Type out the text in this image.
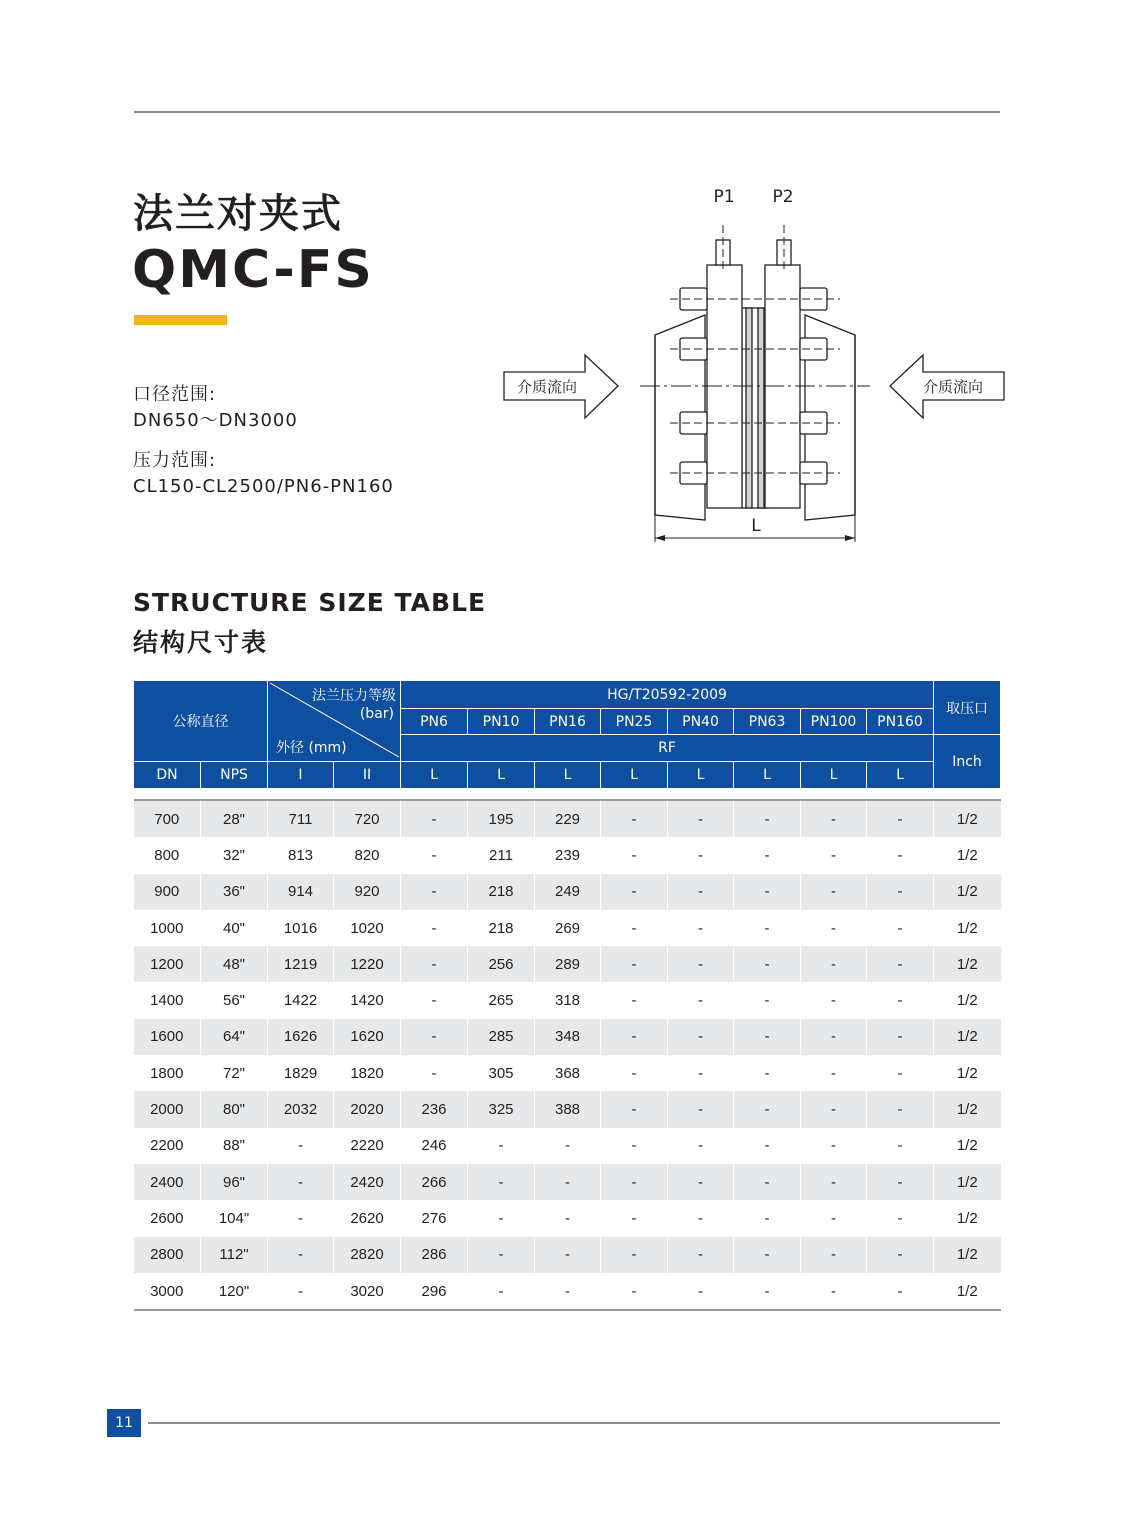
法兰对夹式
QMC-FS
口径范围:
DN650～DN3000
压力范围:
CL150-CL2500/PN6-PN160
P1 P2
介质流向	介质流向
L
STRUCTURE SIZE TABLE
结构尺寸表
公称直径		法兰压力等级
(bar)
外径 (mm)		HG/T20592-2009								取压口
				PN6	PN10	PN16	PN25	PN40	PN63	PN100	PN160	
				RF								Inch
DN	NPS	I	II	L	L	L	L	L	L	L	L	

700	28"	711	720	-	195	229	-	-	-	-	-	1/2
800	32"	813	820	-	211	239	-	-	-	-	-	1/2
900	36"	914	920	-	218	249	-	-	-	-	-	1/2
1000	40"	1016	1020	-	218	269	-	-	-	-	-	1/2
1200	48"	1219	1220	-	256	289	-	-	-	-	-	1/2
1400	56"	1422	1420	-	265	318	-	-	-	-	-	1/2
1600	64"	1626	1620	-	285	348	-	-	-	-	-	1/2
1800	72"	1829	1820	-	305	368	-	-	-	-	-	1/2
2000	80"	2032	2020	236	325	388	-	-	-	-	-	1/2
2200	88"	-	2220	246	-	-	-	-	-	-	-	1/2
2400	96"	-	2420	266	-	-	-	-	-	-	-	1/2
2600	104"	-	2620	276	-	-	-	-	-	-	-	1/2
2800	112"	-	2820	286	-	-	-	-	-	-	-	1/2
3000	120"	-	3020	296	-	-	-	-	-	-	-	1/2
11
